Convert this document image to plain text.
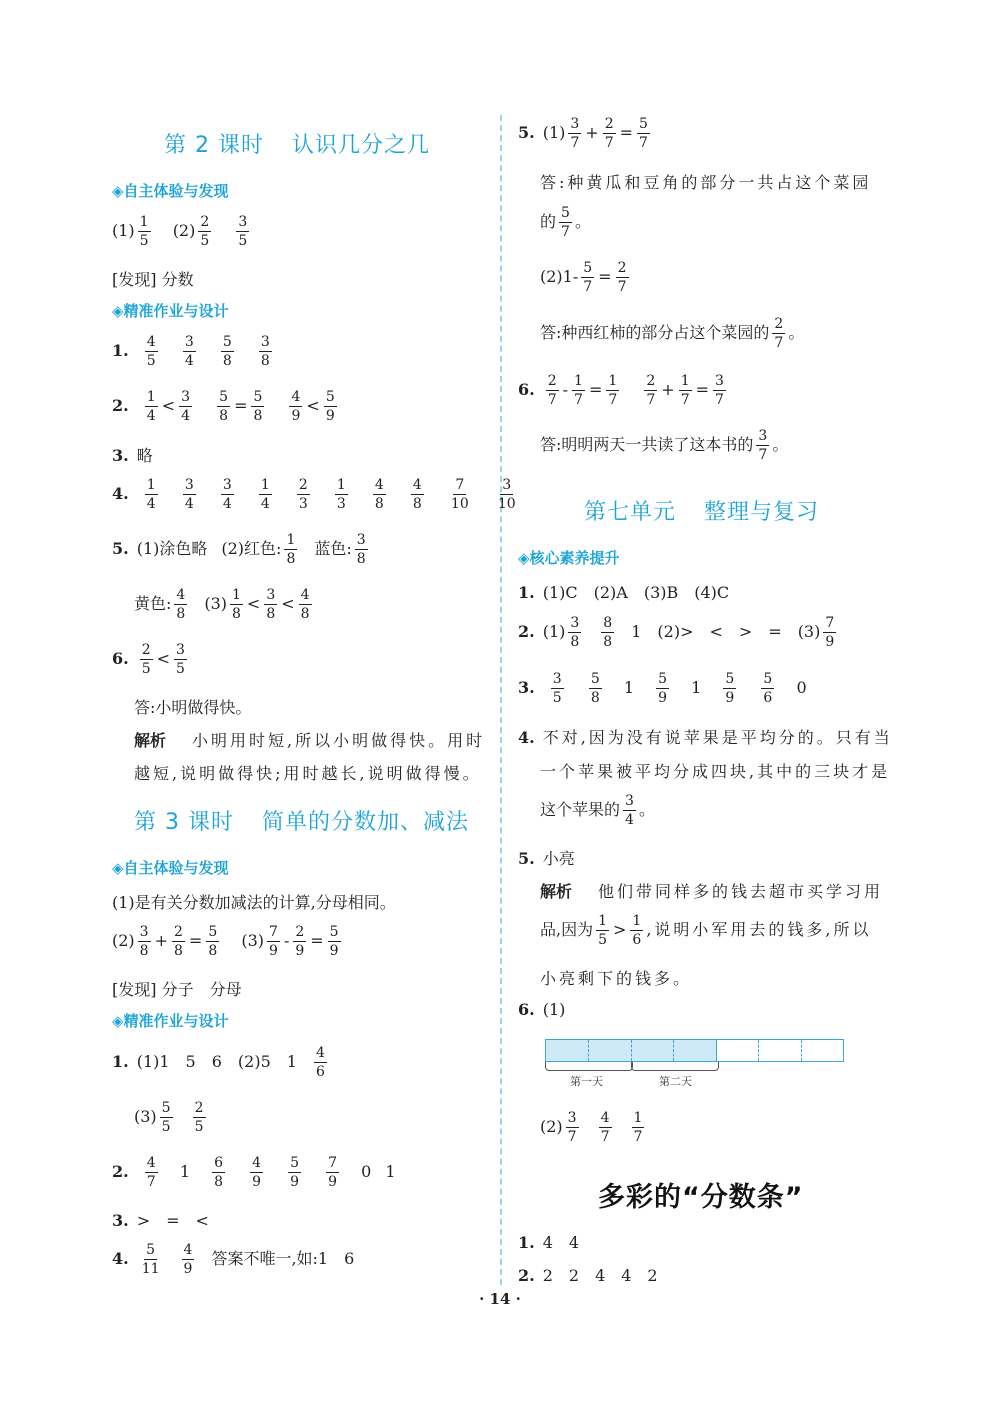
第 2 课时 认识几分之几
◈自主体验与发现
$(1) \frac{1}{5} (2) \frac{2}{5}$
$\frac{3}{5}$
[发现] 分数
◈精准作业与设计
1. $\frac{4}{5}$
$\frac{3}{4}$
$\frac{5}{8}$
$\frac{3}{8}$
2. $\frac{1}{4} < \frac{3}{4}$
$\frac{5}{8} = \frac{5}{8}$
$\frac{4}{9} < \frac{5}{9}$
3. 略
4. $\frac{1}{4}$
$\frac{3}{4}$
$\frac{3}{4}$
$\frac{1}{4}$
$\frac{2}{3}$
$\frac{1}{3}$
$\frac{4}{8}$
$\frac{4}{8}$
$\frac{7}{10}$
$\frac{3}{10}$
5. (1)涂色略 (2)红色: $\frac{1}{8}$ 蓝色: $\frac{3}{8}$
黄色: $\frac{4}{8} (3) \frac{1}{8} < \frac{3}{8} < \frac{4}{8}$
6. $\frac{2}{5} < \frac{3}{5}$
答:小明做得快。
解析 小明用时短,所以小明做得快。用时
越短,说明做得快;用时越长,说明做得慢。
第 3 课时 简单的分数加、减法
◈自主体验与发现
(1)是有关分数加减法的计算,分母相同。
$(2) \frac{3}{8} + \frac{2}{8} = \frac{5}{8} (3) \frac{7}{9} - \frac{2}{9} = \frac{5}{9}$
[发现] 分子　分母
◈精准作业与设计
1. (1)1　5　6　(2)5　$1 \frac{4}{6}$
$(3) \frac{5}{5} \frac{2}{5}$
2. $\frac{4}{7} 1 \frac{6}{8}$
$\frac{4}{9}$
$\frac{5}{9}$
$\frac{7}{9} 0$ 1
3. >　=　<
4. $\frac{5}{11} \frac{4}{9}$ 答案不唯一,如:1　6
5. $(1) \frac{3}{7} + \frac{2}{7} = \frac{5}{7}$
答:种黄瓜和豆角的部分一共占这个菜园
的 $\frac{5}{7}$ 。
$(2)1- \frac{5}{7} = \frac{2}{7}$
答:种西红柿的部分占这个菜园的 $\frac{2}{7}$ 。
6. $\frac{2}{7} - \frac{1}{7} = \frac{1}{7}$
$\frac{2}{7} + \frac{1}{7} = \frac{3}{7}$
答:明明两天一共读了这本书的 $\frac{3}{7}$ 。
第七单元 整理与复习
◈核心素养提升
1. (1)C　(2)A　(3)B　(4)C
2. $(1) \frac{3}{8} \frac{8}{8} 1$　(2)>　<　>　=　$(3) \frac{7}{9}$
3. $\frac{3}{5}$
$\frac{5}{8} 1 \frac{5}{9} 1 \frac{5}{9}$
$\frac{5}{6} 0$
4. 不对,因为没有说苹果是平均分的。只有当
一个苹果被平均分成四块,其中的三块才是
这个苹果的 $\frac{3}{4}$ 。
5. 小亮
解析 他们带同样多的钱去超市买学习用
品,因为 $\frac{1}{5} > \frac{1}{6}$ ,说明小军用去的钱多,所以
小亮剩下的钱多。
6. (1)
$(2) \frac{3}{7} \frac{4}{7} \frac{1}{7}$
多彩的“分数条”
1. 4　4
2. 2　2　4　4　2
第一天	第二天
· 14 ·
